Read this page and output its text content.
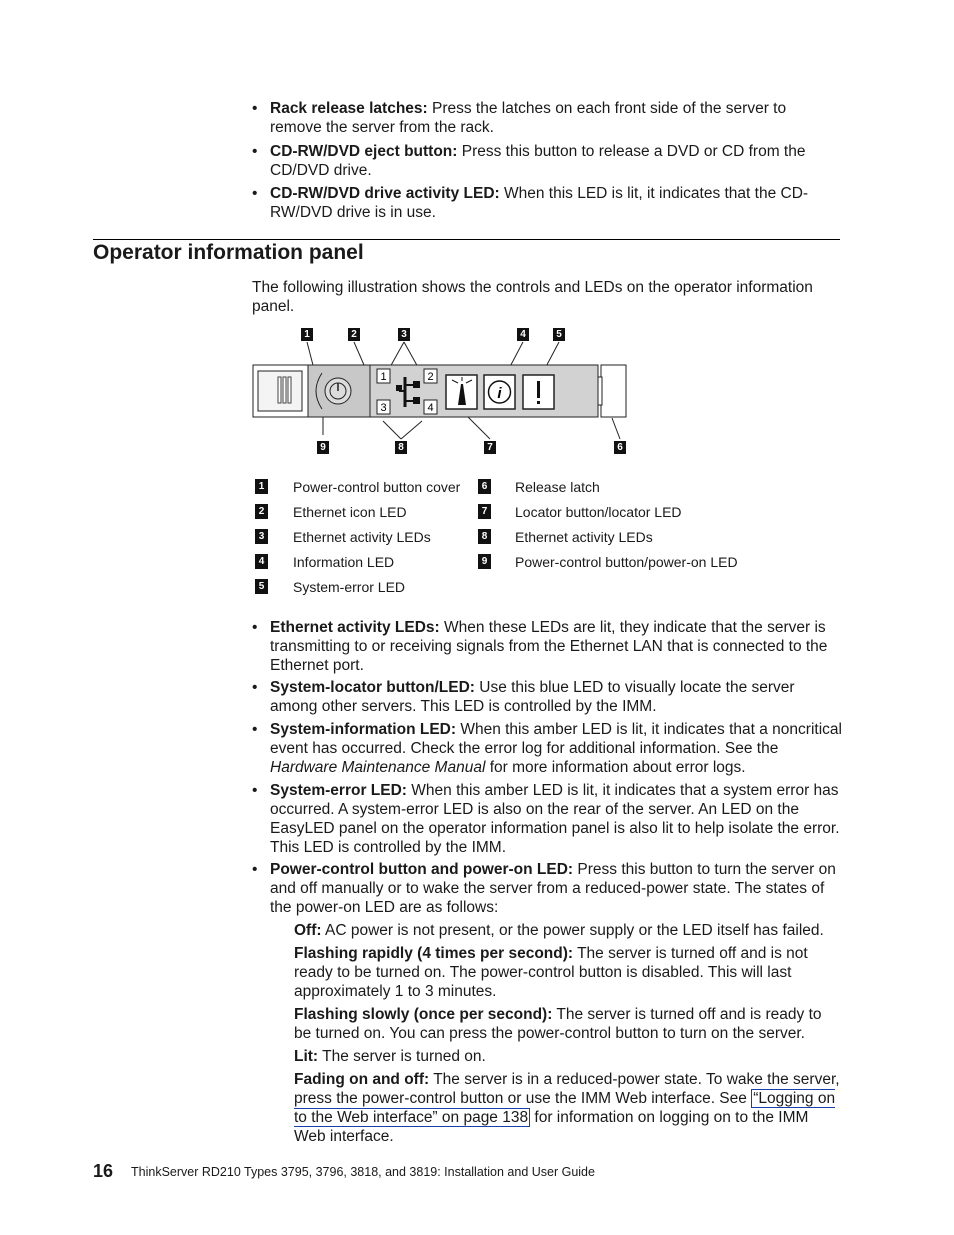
• Rack release latches: Press the latches on each front side of the server to remove the server from the rack.
• CD-RW/DVD eject button: Press this button to release a DVD or CD from the CD/DVD drive.
• CD-RW/DVD drive activity LED: When this LED is lit, it indicates that the CD-RW/DVD drive is in use.
Operator information panel
The following illustration shows the controls and LEDs on the operator information panel.
1	2
3	4
i
1	2	3	4	5
6
7
8
9
1 Power-control button cover
2 Ethernet icon LED
3 Ethernet activity LEDs
4 Information LED
5 System-error LED
6 Release latch
7 Locator button/locator LED
8 Ethernet activity LEDs
9 Power-control button/power-on LED
• Ethernet activity LEDs: When these LEDs are lit, they indicate that the server is transmitting to or receiving signals from the Ethernet LAN that is connected to the Ethernet port.
• System-locator button/LED: Use this blue LED to visually locate the server among other servers. This LED is controlled by the IMM.
• System-information LED: When this amber LED is lit, it indicates that a noncritical event has occurred. Check the error log for additional information. See the Hardware Maintenance Manual for more information about error logs.
• System-error LED: When this amber LED is lit, it indicates that a system error has occurred. A system-error LED is also on the rear of the server. An LED on the EasyLED panel on the operator information panel is also lit to help isolate the error. This LED is controlled by the IMM.
• Power-control button and power-on LED: Press this button to turn the server on and off manually or to wake the server from a reduced-power state. The states of the power-on LED are as follows:
Off: AC power is not present, or the power supply or the LED itself has failed.
Flashing rapidly (4 times per second): The server is turned off and is not ready to be turned on. The power-control button is disabled. This will last approximately 1 to 3 minutes.
Flashing slowly (once per second): The server is turned off and is ready to be turned on. You can press the power-control button to turn on the server.
Lit: The server is turned on.
Fading on and off: The server is in a reduced-power state. To wake the server, press the power-control button or use the IMM Web interface. See “Logging on to the Web interface” on page 138 for information on logging on to the IMM Web interface.
16 ThinkServer RD210 Types 3795, 3796, 3818, and 3819: Installation and User Guide
